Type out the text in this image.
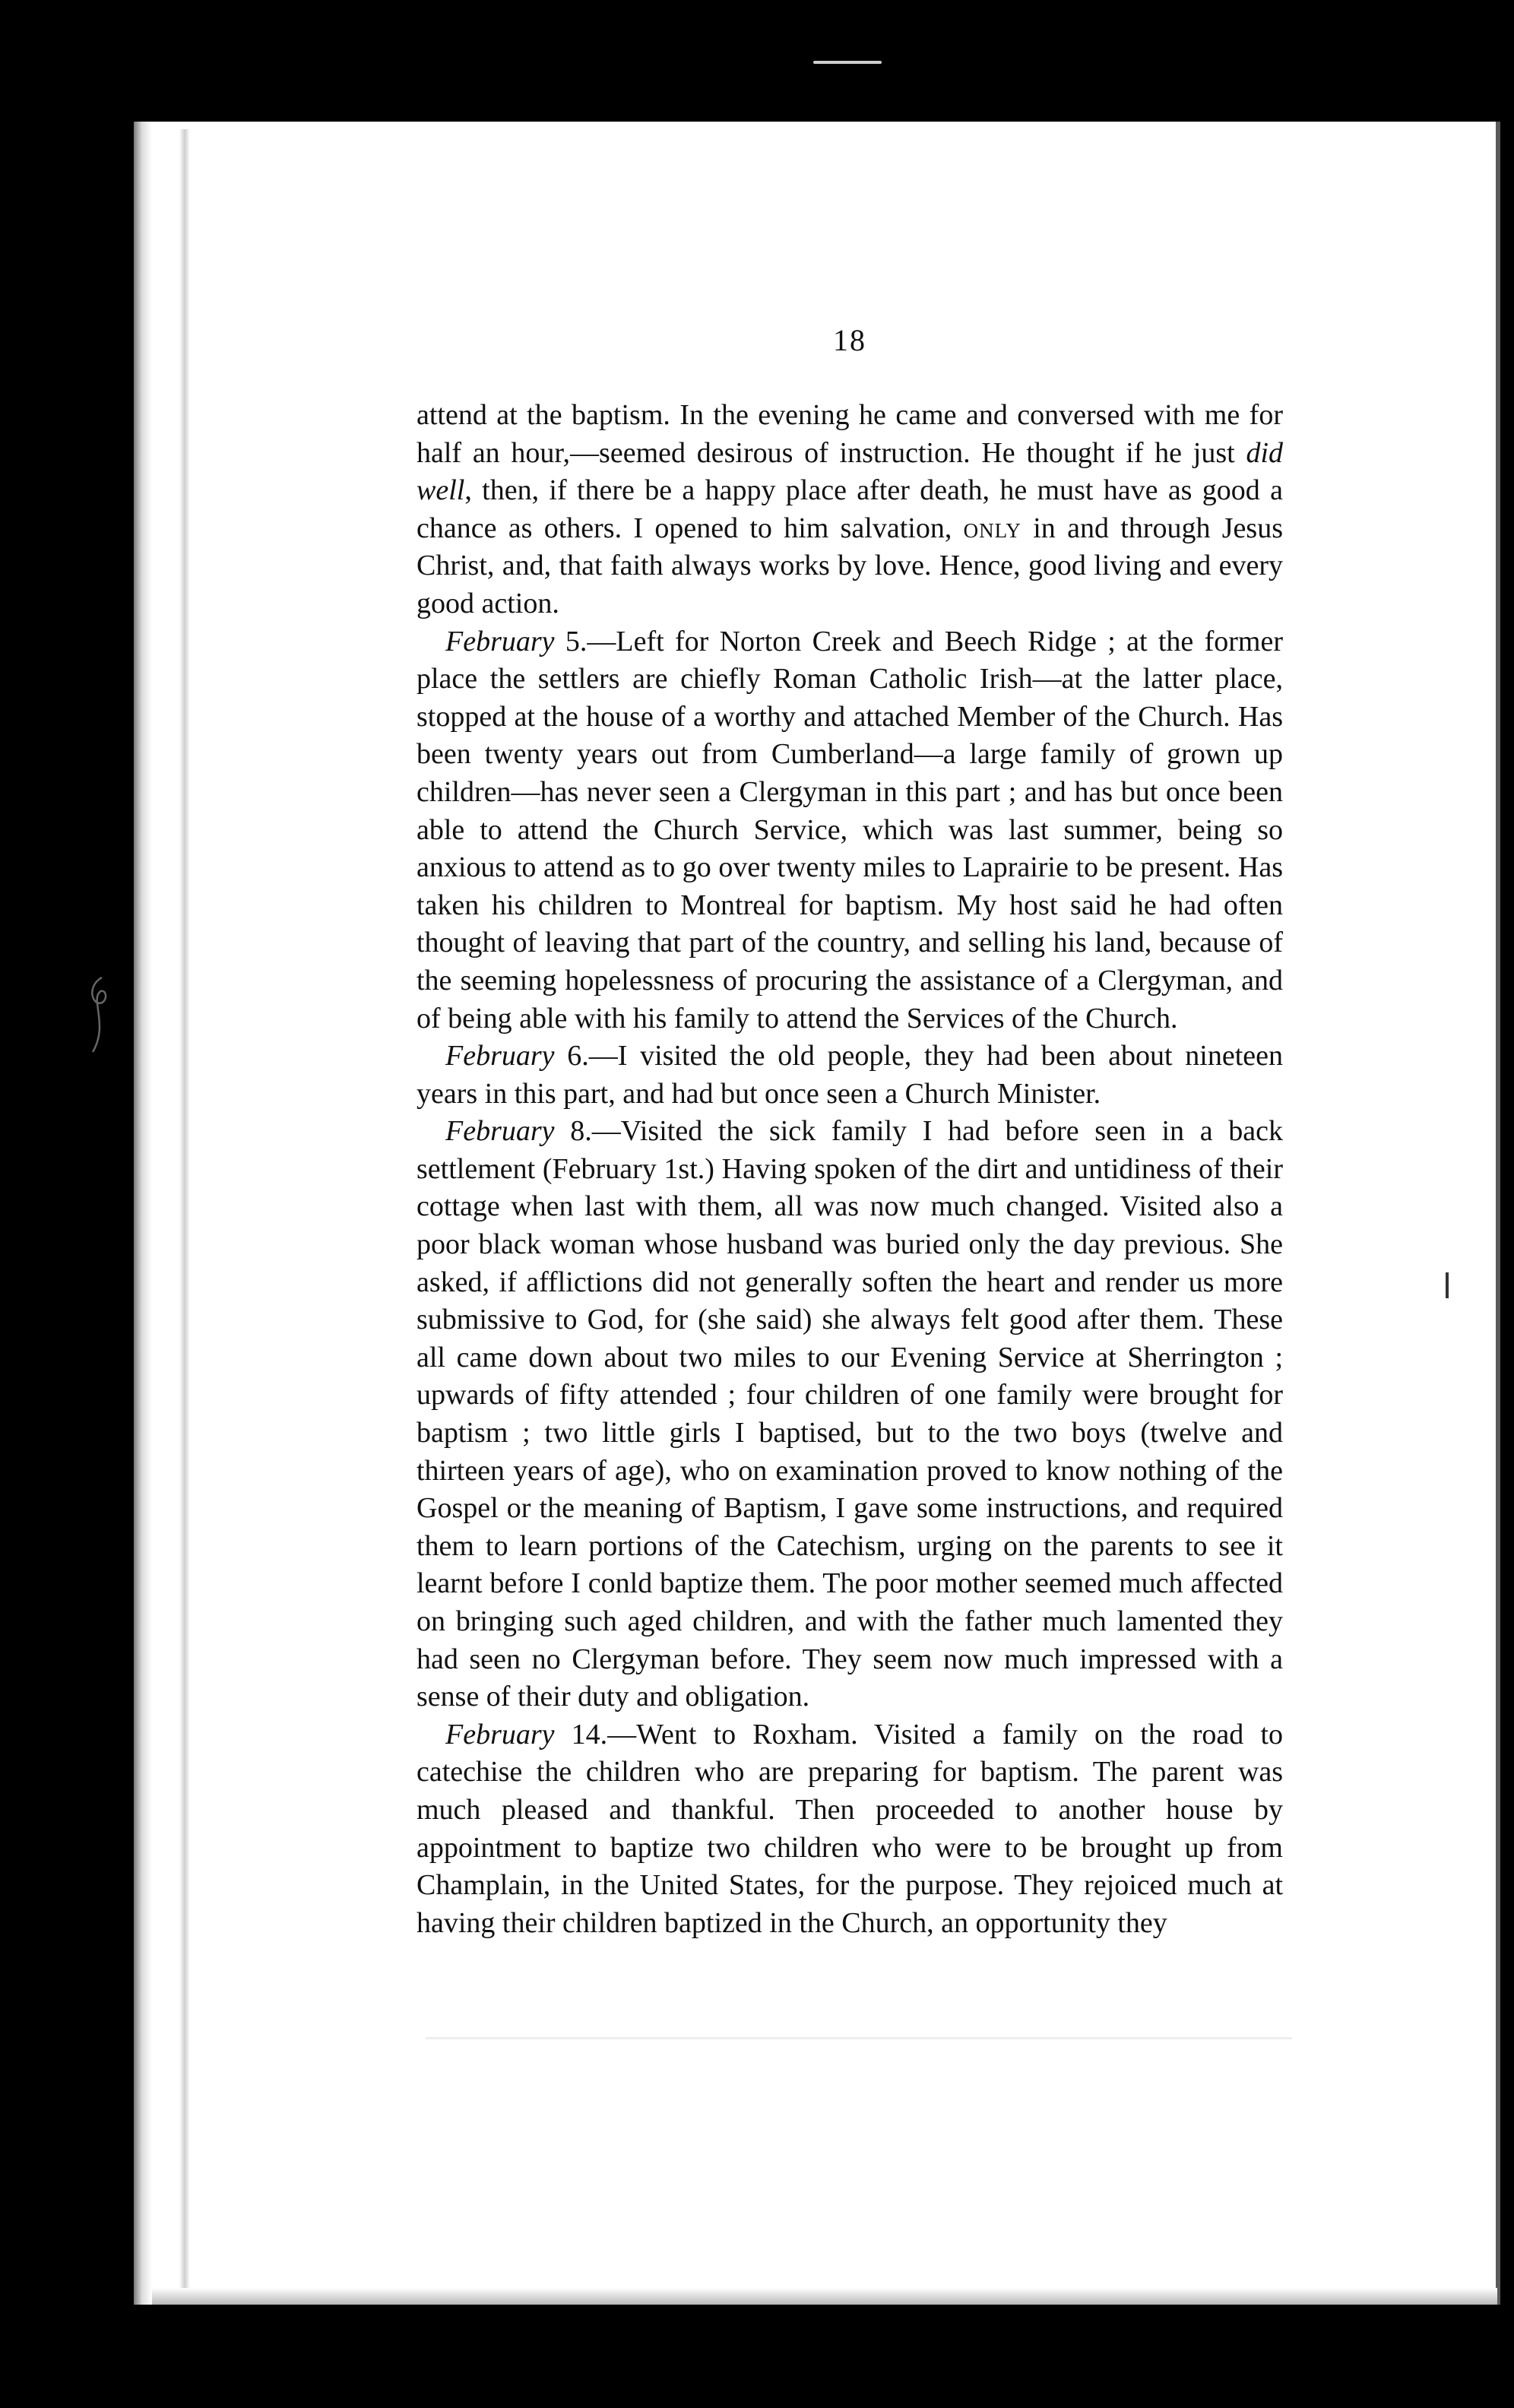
18

attend at the baptism. In the evening he came and conversed with me for half an hour,—seemed desirous of instruction. He thought if he just did well, then, if there be a happy place after death, he must have as good a chance as others. I opened to him salvation, only in and through Jesus Christ, and, that faith always works by love. Hence, good living and every good action.

February 5.—Left for Norton Creek and Beech Ridge ; at the former place the settlers are chiefly Roman Catholic Irish—at the latter place, stopped at the house of a worthy and attached Member of the Church. Has been twenty years out from Cumberland—a large family of grown up children—has never seen a Clergyman in this part ; and has but once been able to attend the Church Service, which was last summer, being so anxious to attend as to go over twenty miles to Laprairie to be present. Has taken his children to Montreal for baptism. My host said he had often thought of leaving that part of the country, and selling his land, because of the seeming hopelessness of procuring the assistance of a Clergyman, and of being able with his family to attend the Services of the Church.

February 6.—I visited the old people, they had been about nineteen years in this part, and had but once seen a Church Minister.

February 8.—Visited the sick family I had before seen in a back settlement (February 1st.) Having spoken of the dirt and untidiness of their cottage when last with them, all was now much changed. Visited also a poor black woman whose husband was buried only the day previous. She asked, if afflictions did not generally soften the heart and render us more submissive to God, for (she said) she always felt good after them. These all came down about two miles to our Evening Service at Sherrington ; upwards of fifty attended ; four children of one family were brought for baptism ; two little girls I baptised, but to the two boys (twelve and thirteen years of age), who on examination proved to know nothing of the Gospel or the meaning of Baptism, I gave some instructions, and required them to learn portions of the Catechism, urging on the parents to see it learnt before I conld baptize them. The poor mother seemed much affected on bringing such aged children, and with the father much lamented they had seen no Clergyman before. They seem now much impressed with a sense of their duty and obligation.

February 14.—Went to Roxham. Visited a family on the road to catechise the children who are preparing for baptism. The parent was much pleased and thankful. Then proceeded to another house by appointment to baptize two children who were to be brought up from Champlain, in the United States, for the purpose. They rejoiced much at having their children baptized in the Church, an opportunity they
